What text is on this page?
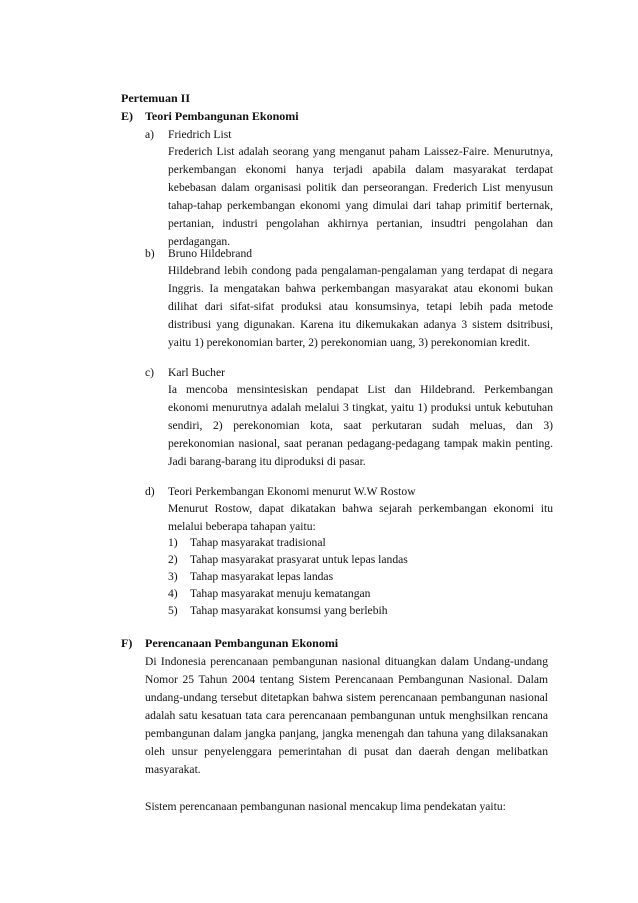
Pertemuan II
E) Teori Pembangunan Ekonomi
a) Friedrich List
Frederich List adalah seorang yang menganut paham Laissez-Faire. Menurutnya, perkembangan ekonomi hanya terjadi apabila dalam masyarakat terdapat kebebasan dalam organisasi politik dan perseorangan. Frederich List menyusun tahap-tahap perkembangan ekonomi yang dimulai dari tahap primitif berternak, pertanian, industri pengolahan akhirnya pertanian, insudtri pengolahan dan perdagangan.
b) Bruno Hildebrand
Hildebrand lebih condong pada pengalaman-pengalaman yang terdapat di negara Inggris. Ia mengatakan bahwa perkembangan masyarakat atau ekonomi bukan dilihat dari sifat-sifat produksi atau konsumsinya, tetapi lebih pada metode distribusi yang digunakan. Karena itu dikemukakan adanya 3 sistem dsitribusi, yaitu 1) perekonomian barter, 2) perekonomian uang, 3) perekonomian kredit.
c) Karl Bucher
Ia mencoba mensintesiskan pendapat List dan Hildebrand. Perkembangan ekonomi menurutnya adalah melalui 3 tingkat, yaitu 1) produksi untuk kebutuhan sendiri, 2) perekonomian kota, saat perkutaran sudah meluas, dan 3) perekonomian nasional, saat peranan pedagang-pedagang tampak makin penting. Jadi barang-barang itu diproduksi di pasar.
d) Teori Perkembangan Ekonomi menurut W.W Rostow
Menurut Rostow, dapat dikatakan bahwa sejarah perkembangan ekonomi itu melalui beberapa tahapan yaitu:
1) Tahap masyarakat tradisional
2) Tahap masyarakat prasyarat untuk lepas landas
3) Tahap masyarakat lepas landas
4) Tahap masyarakat menuju kematangan
5) Tahap masyarakat konsumsi yang berlebih
F) Perencanaan Pembangunan Ekonomi
Di Indonesia perencanaan pembangunan nasional dituangkan dalam Undang-undang Nomor 25 Tahun 2004 tentang Sistem Perencanaan Pembangunan Nasional. Dalam undang-undang tersebut ditetapkan bahwa sistem perencanaan pembangunan nasional adalah satu kesatuan tata cara perencanaan pembangunan untuk menghsilkan rencana pembangunan dalam jangka panjang, jangka menengah dan tahuna yang dilaksanakan oleh unsur penyelenggara pemerintahan di pusat dan daerah dengan melibatkan masyarakat.
Sistem perencanaan pembangunan nasional mencakup lima pendekatan yaitu:
